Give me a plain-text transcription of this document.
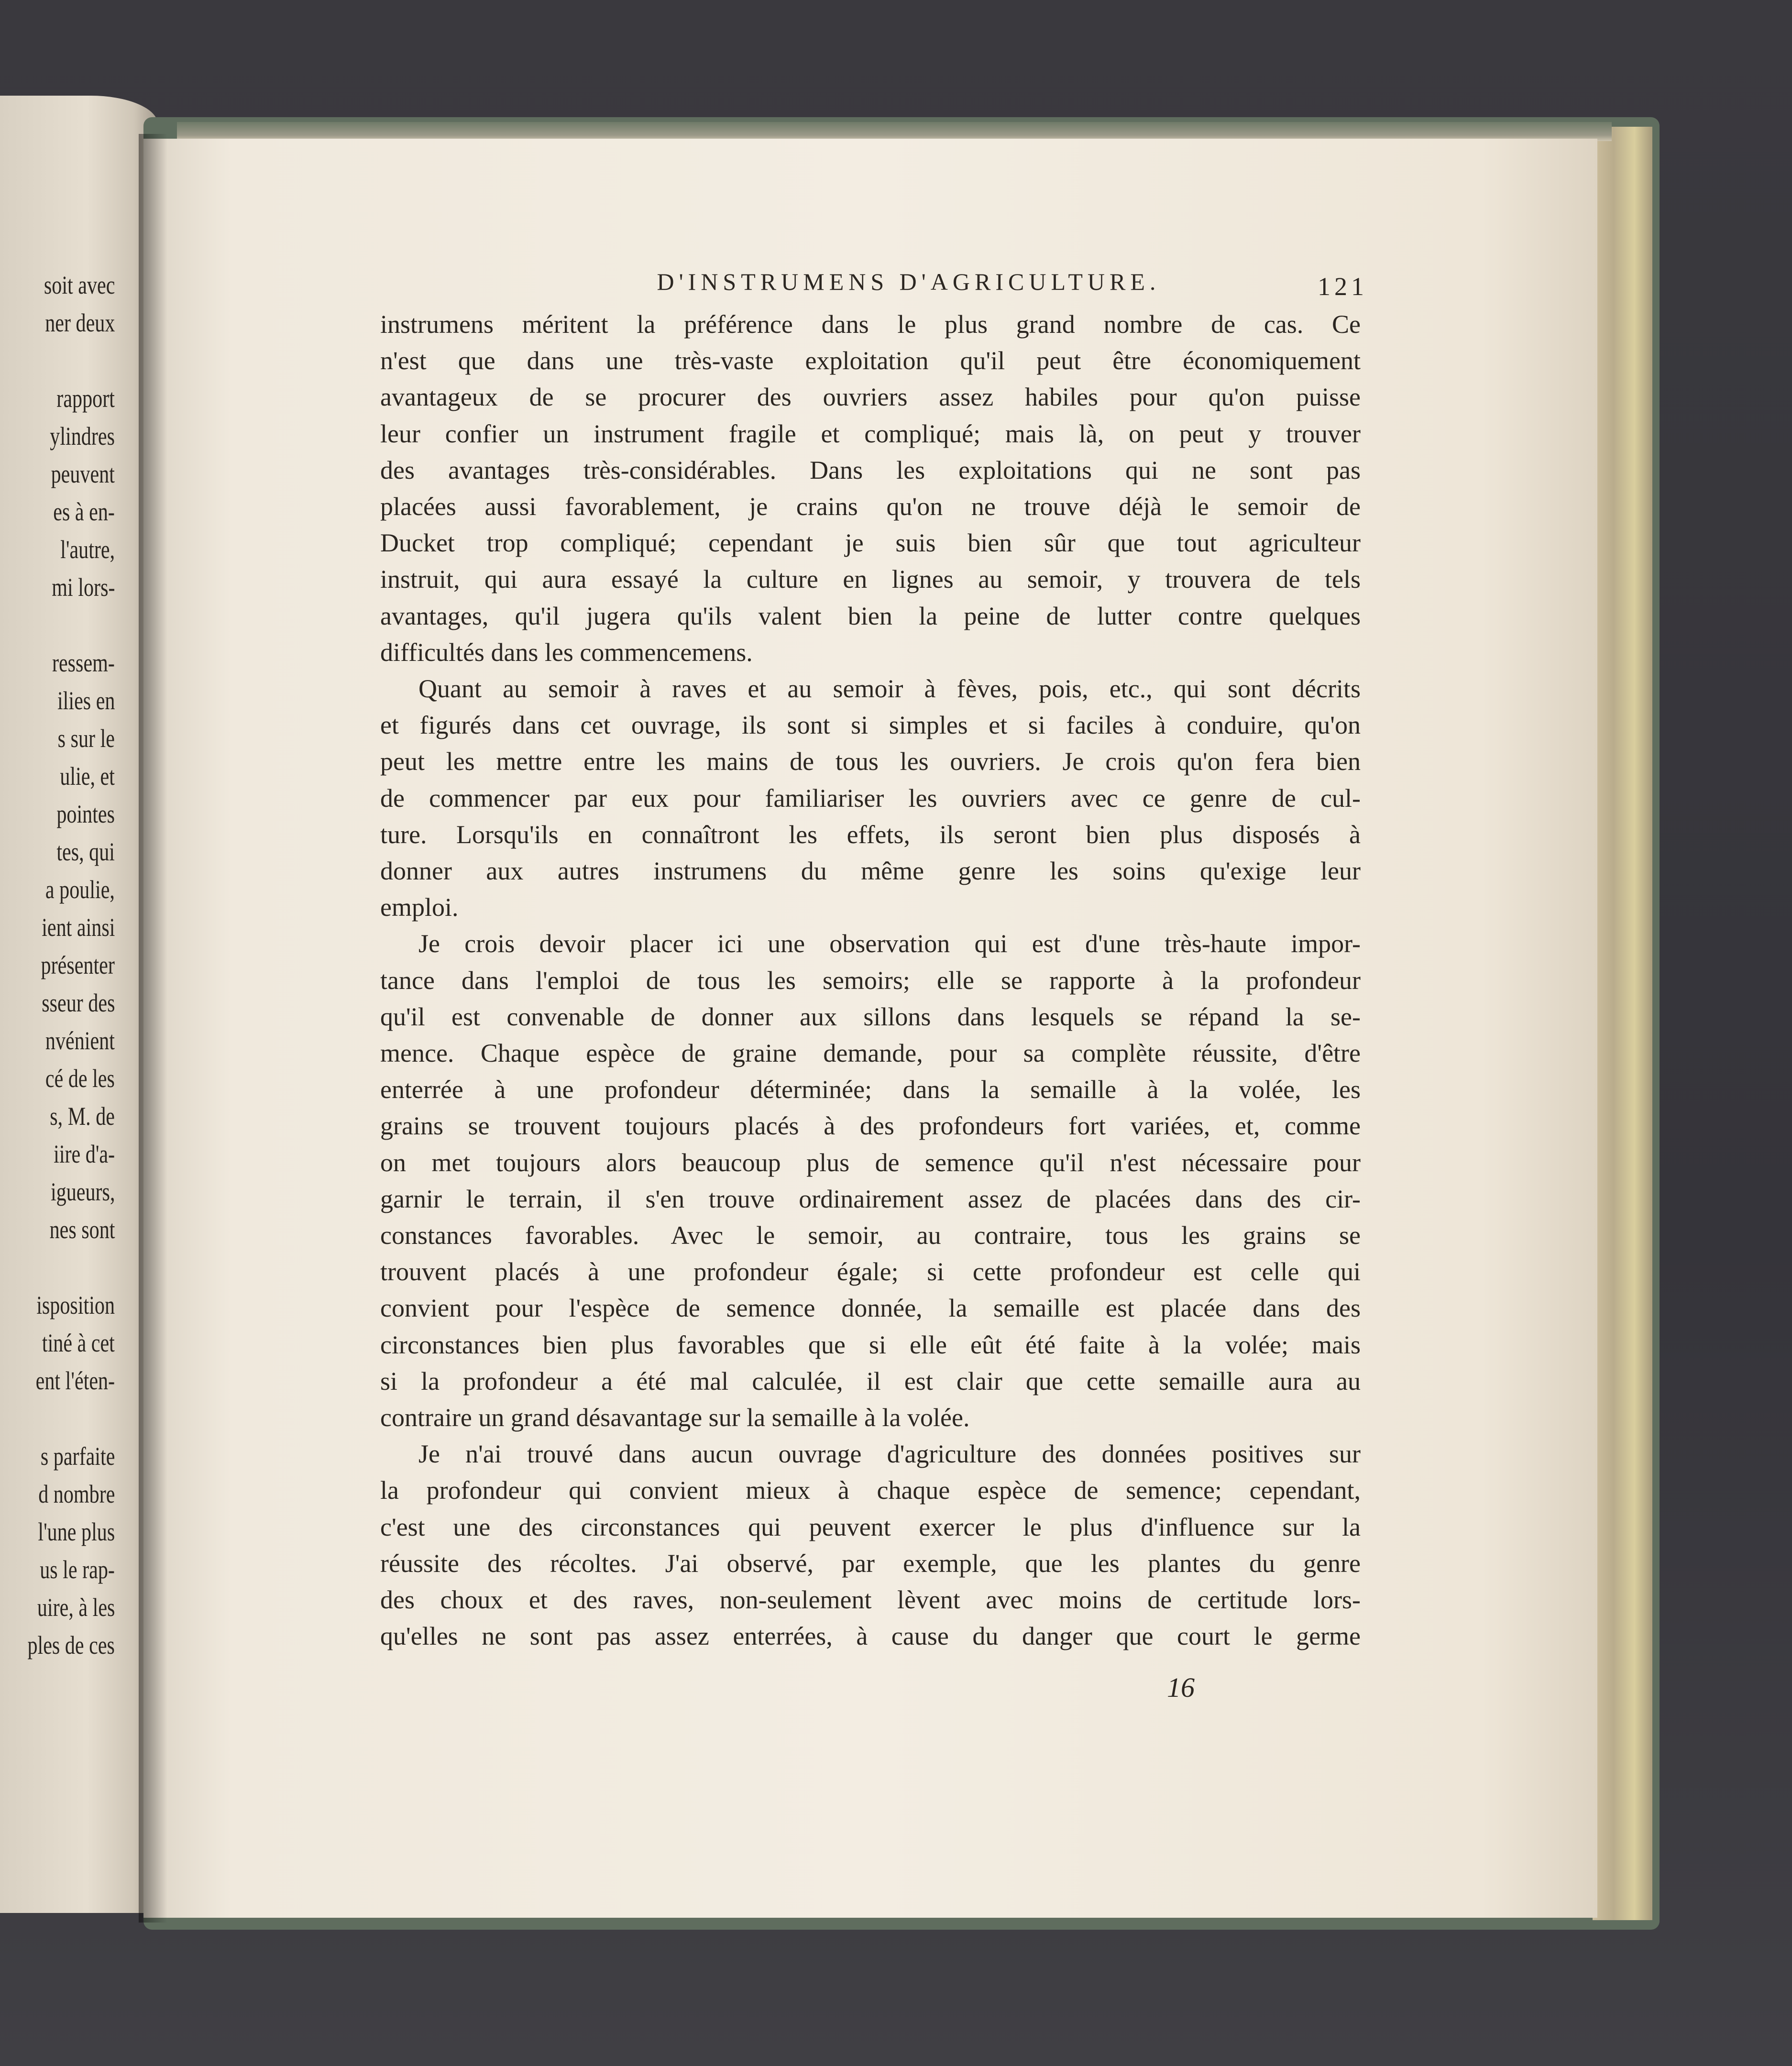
soit avec
ner deux
rapport
ylindres
peuvent
es à en-
l'autre,
mi lors-
ressem-
ilies en
s sur le
ulie, et
pointes
tes, qui
a poulie,
ient ainsi
présenter
sseur des
nvénient
cé de les
s, M. de
iire d'a-
igueurs,
nes sont
isposition
tiné à cet
ent l'éten-
s parfaite
d nombre
l'une plus
us le rap-
uire, à les
ples de ces
D'INSTRUMENS D'AGRICULTURE.	121
instrumens méritent la préférence dans le plus grand nombre de cas. Ce
n'est que dans une très-vaste exploitation qu'il peut être économiquement
avantageux de se procurer des ouvriers assez habiles pour qu'on puisse
leur confier un instrument fragile et compliqué; mais là, on peut y trouver
des avantages très-considérables. Dans les exploitations qui ne sont pas
placées aussi favorablement, je crains qu'on ne trouve déjà le semoir de
Ducket trop compliqué; cependant je suis bien sûr que tout agriculteur
instruit, qui aura essayé la culture en lignes au semoir, y trouvera de tels
avantages, qu'il jugera qu'ils valent bien la peine de lutter contre quelques
difficultés dans les commencemens.
Quant au semoir à raves et au semoir à fèves, pois, etc., qui sont décrits
et figurés dans cet ouvrage, ils sont si simples et si faciles à conduire, qu'on
peut les mettre entre les mains de tous les ouvriers. Je crois qu'on fera bien
de commencer par eux pour familiariser les ouvriers avec ce genre de cul-
ture. Lorsqu'ils en connaîtront les effets, ils seront bien plus disposés à
donner aux autres instrumens du même genre les soins qu'exige leur
emploi.
Je crois devoir placer ici une observation qui est d'une très-haute impor-
tance dans l'emploi de tous les semoirs; elle se rapporte à la profondeur
qu'il est convenable de donner aux sillons dans lesquels se répand la se-
mence. Chaque espèce de graine demande, pour sa complète réussite, d'être
enterrée à une profondeur déterminée; dans la semaille à la volée, les
grains se trouvent toujours placés à des profondeurs fort variées, et, comme
on met toujours alors beaucoup plus de semence qu'il n'est nécessaire pour
garnir le terrain, il s'en trouve ordinairement assez de placées dans des cir-
constances favorables. Avec le semoir, au contraire, tous les grains se
trouvent placés à une profondeur égale; si cette profondeur est celle qui
convient pour l'espèce de semence donnée, la semaille est placée dans des
circonstances bien plus favorables que si elle eût été faite à la volée; mais
si la profondeur a été mal calculée, il est clair que cette semaille aura au
contraire un grand désavantage sur la semaille à la volée.
Je n'ai trouvé dans aucun ouvrage d'agriculture des données positives sur
la profondeur qui convient mieux à chaque espèce de semence; cependant,
c'est une des circonstances qui peuvent exercer le plus d'influence sur la
réussite des récoltes. J'ai observé, par exemple, que les plantes du genre
des choux et des raves, non-seulement lèvent avec moins de certitude lors-
qu'elles ne sont pas assez enterrées, à cause du danger que court le germe
16
